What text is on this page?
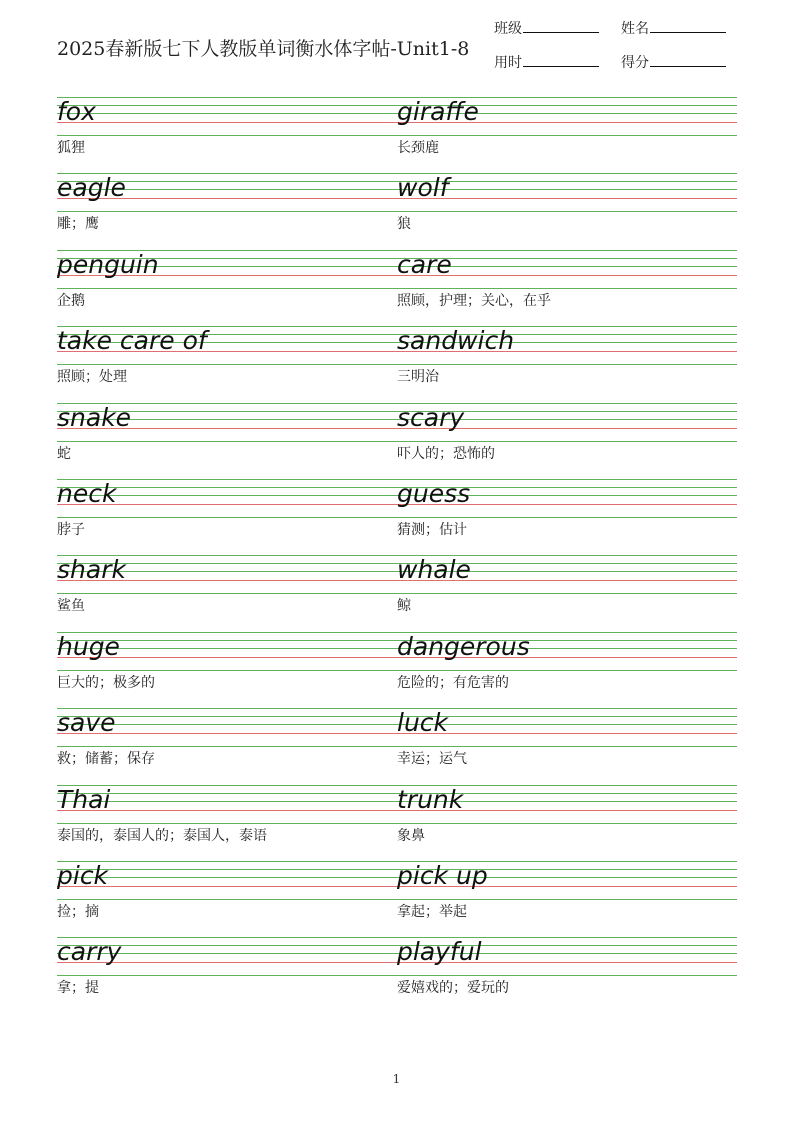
2025春新版七下人教版单词衡水体字帖-Unit1-8
班级	姓名
用时	得分
fox
狐狸
giraffe
长颈鹿
eagle
雕；鹰
wolf
狼
penguin
企鹅
care
照顾，护理；关心，在乎
take care of
照顾；处理
sandwich
三明治
snake
蛇
scary
吓人的；恐怖的
neck
脖子
guess
猜测；估计
shark
鲨鱼
whale
鲸
huge
巨大的；极多的
dangerous
危险的；有危害的
save
救；储蓄；保存
luck
幸运；运气
Thai
泰国的，泰国人的；泰国人，泰语
trunk
象鼻
pick
捡；摘
pick up
拿起；举起
carry
拿；提
playful
爱嬉戏的；爱玩的
1
